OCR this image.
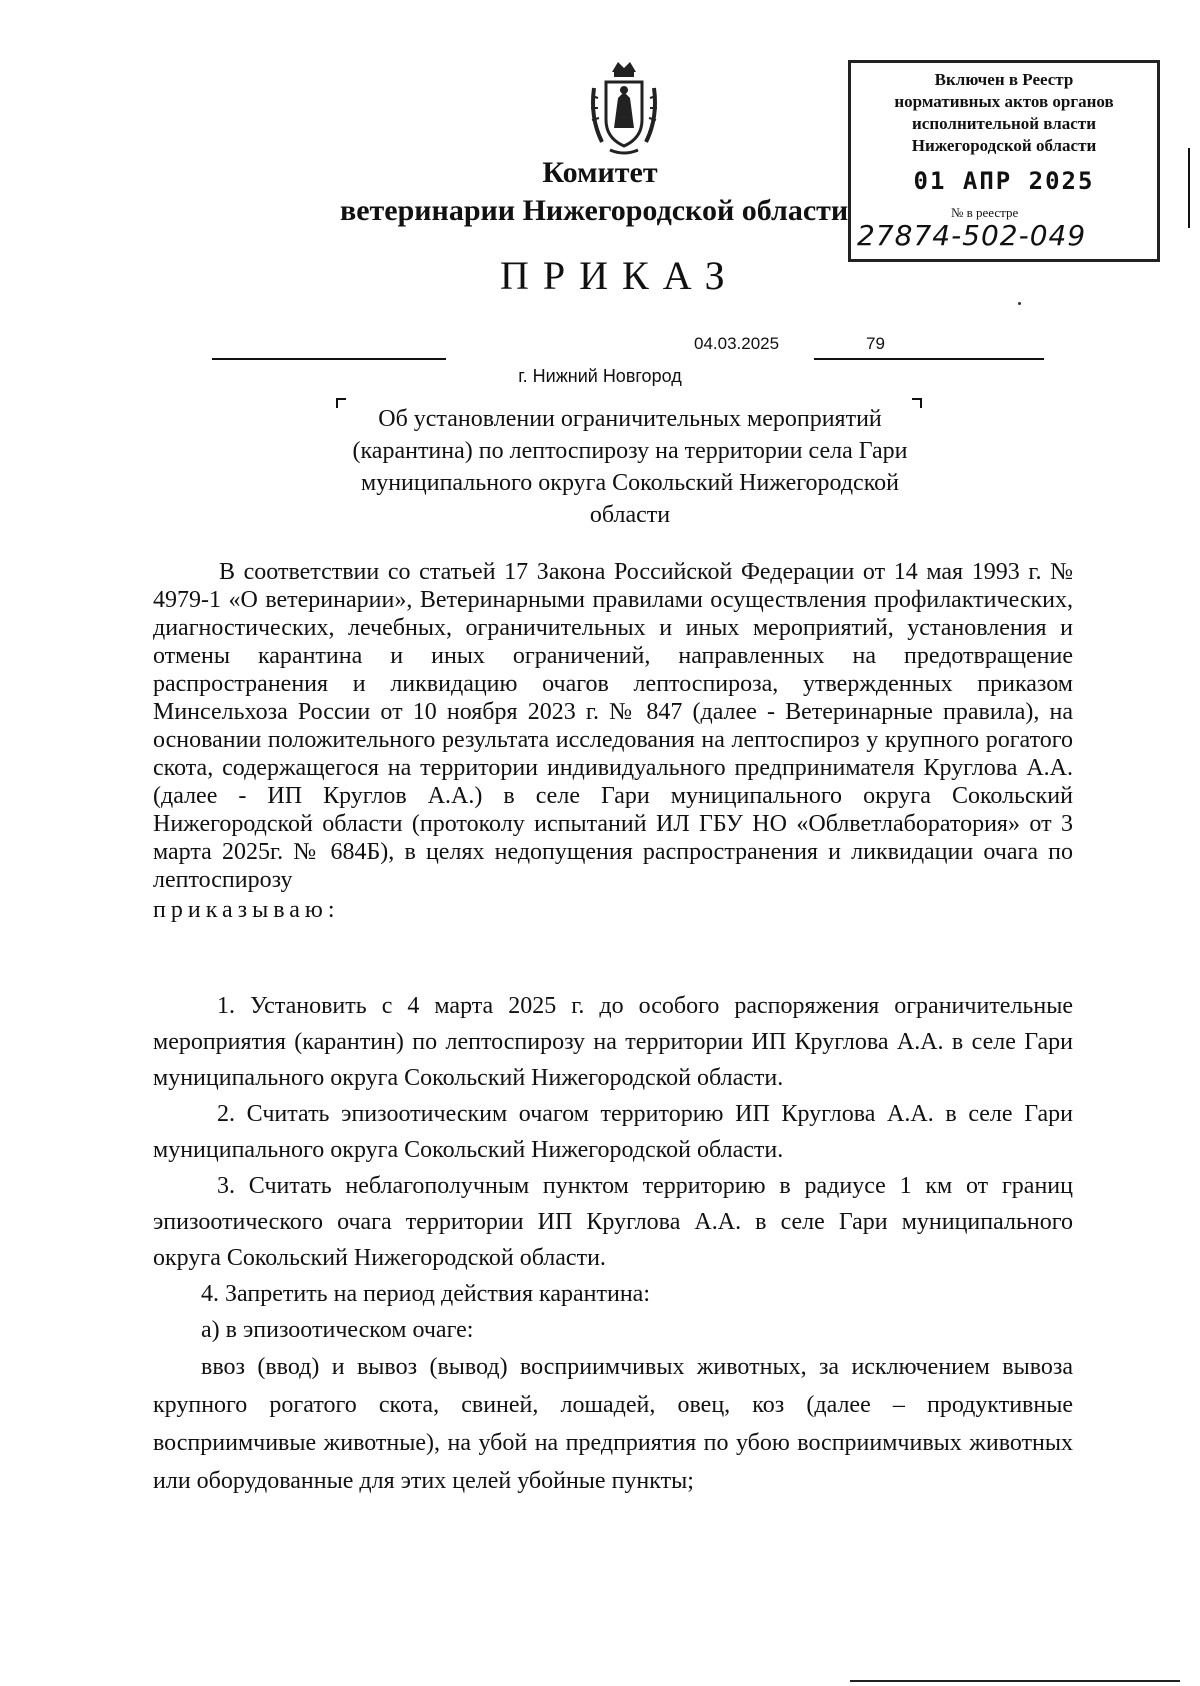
Комитет
ветеринарии Нижегородской области
ПРИКАЗ
Включен в Реестр
нормативных актов органов
исполнительной власти
Нижегородской области
01 АПР 2025
№ в реестре
27874-502-049
04.03.2025	79
г. Нижний Новгород
Об установлении ограничительных мероприятий (карантина) по лептоспирозу на территории села Гари муниципального округа Сокольский Нижегородской области

В соответствии со статьей 17 Закона Российской Федерации от 14 мая 1993 г. № 4979-1 «О ветеринарии», Ветеринарными правилами осуществления профилактических, диагностических, лечебных, ограничительных и иных мероприятий, установления и отмены карантина и иных ограничений, направленных на предотвращение распространения и ликвидацию очагов лептоспироза, утвержденных приказом Минсельхоза России от 10 ноября 2023 г. № 847 (далее - Ветеринарные правила), на основании положительного результата исследования на лептоспироз у крупного рогатого скота, содержащегося на территории индивидуального предпринимателя Круглова А.А. (далее - ИП Круглов А.А.) в селе Гари муниципального округа Сокольский Нижегородской области (протоколу испытаний ИЛ ГБУ НО «Облветлаборатория» от 3 марта 2025г. № 684Б), в целях недопущения распространения и ликвидации очага по лептоспирозу

приказываю:

1. Установить с 4 марта 2025 г. до особого распоряжения ограничительные мероприятия (карантин) по лептоспирозу на территории ИП Круглова А.А. в селе Гари муниципального округа Сокольский Нижегородской области.

2. Считать эпизоотическим очагом территорию ИП Круглова А.А. в селе Гари муниципального округа Сокольский Нижегородской области.

3. Считать неблагополучным пунктом территорию в радиусе 1 км от границ эпизоотического очага территории ИП Круглова А.А. в селе Гари муниципального округа Сокольский Нижегородской области.

4. Запретить на период действия карантина:

а) в эпизоотическом очаге:

ввоз (ввод) и вывоз (вывод) восприимчивых животных, за исключением вывоза крупного рогатого скота, свиней, лошадей, овец, коз (далее – продуктивные восприимчивые животные), на убой на предприятия по убою восприимчивых животных или оборудованные для этих целей убойные пункты;
